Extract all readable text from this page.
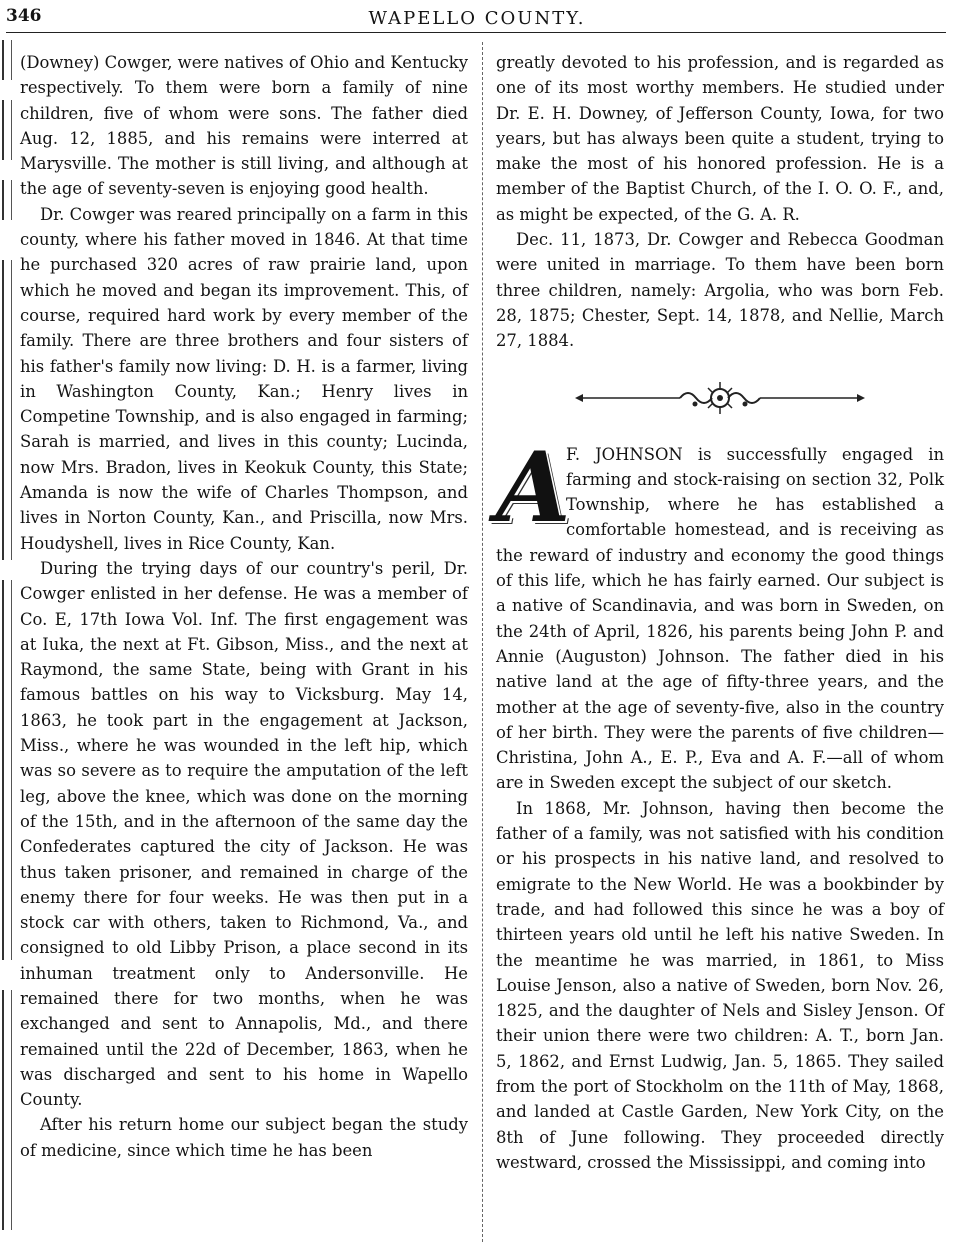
346	WAPELLO COUNTY.

(Downey) Cowger, were natives of Ohio and Kentucky respectively. To them were born a family of nine children, five of whom were sons. The father died Aug. 12, 1885, and his remains were interred at Marysville. The mother is still living, and although at the age of seventy-seven is enjoying good health.

Dr. Cowger was reared principally on a farm in this county, where his father moved in 1846. At that time he purchased 320 acres of raw prairie land, upon which he moved and began its improvement. This, of course, required hard work by every member of the family. There are three brothers and four sisters of his father's family now living: D. H. is a farmer, living in Washington County, Kan.; Henry lives in Competine Township, and is also engaged in farming; Sarah is married, and lives in this county; Lucinda, now Mrs. Bradon, lives in Keokuk County, this State; Amanda is now the wife of Charles Thompson, and lives in Norton County, Kan., and Priscilla, now Mrs. Houdyshell, lives in Rice County, Kan.

During the trying days of our country's peril, Dr. Cowger enlisted in her defense. He was a member of Co. E, 17th Iowa Vol. Inf. The first engagement was at Iuka, the next at Ft. Gibson, Miss., and the next at Raymond, the same State, being with Grant in his famous battles on his way to Vicksburg. May 14, 1863, he took part in the engagement at Jackson, Miss., where he was wounded in the left hip, which was so severe as to require the amputation of the left leg, above the knee, which was done on the morning of the 15th, and in the afternoon of the same day the Confederates captured the city of Jackson. He was thus taken prisoner, and remained in charge of the enemy there for four weeks. He was then put in a stock car with others, taken to Richmond, Va., and consigned to old Libby Prison, a place second in its inhuman treatment only to Andersonville. He remained there for two months, when he was exchanged and sent to Annapolis, Md., and there remained until the 22d of December, 1863, when he was discharged and sent to his home in Wapello County.

After his return home our subject began the study of medicine, since which time he has been

greatly devoted to his profession, and is regarded as one of its most worthy members. He studied under Dr. E. H. Downey, of Jefferson County, Iowa, for two years, but has always been quite a student, trying to make the most of his honored profession. He is a member of the Baptist Church, of the I. O. O. F., and, as might be expected, of the G. A. R.

Dec. 11, 1873, Dr. Cowger and Rebecca Goodman were united in marriage. To them have been born three children, namely: Argolia, who was born Feb. 28, 1875; Chester, Sept. 14, 1878, and Nellie, March 27, 1884.

A

F. JOHNSON is successfully engaged in farming and stock-raising on section 32, Polk Township, where he has established a comfortable homestead, and is receiving as the reward of industry and economy the good things of this life, which he has fairly earned. Our subject is a native of Scandinavia, and was born in Sweden, on the 24th of April, 1826, his parents being John P. and Annie (Auguston) Johnson. The father died in his native land at the age of fifty-three years, and the mother at the age of seventy-five, also in the country of her birth. They were the parents of five children—Christina, John A., E. P., Eva and A. F.—all of whom are in Sweden except the subject of our sketch.

In 1868, Mr. Johnson, having then become the father of a family, was not satisfied with his condition or his prospects in his native land, and resolved to emigrate to the New World. He was a bookbinder by trade, and had followed this since he was a boy of thirteen years old until he left his native Sweden. In the meantime he was married, in 1861, to Miss Louise Jenson, also a native of Sweden, born Nov. 26, 1825, and the daughter of Nels and Sisley Jenson. Of their union there were two children: A. T., born Jan. 5, 1862, and Ernst Ludwig, Jan. 5, 1865. They sailed from the port of Stockholm on the 11th of May, 1868, and landed at Castle Garden, New York City, on the 8th of June following. They proceeded directly westward, crossed the Mississippi, and coming into
